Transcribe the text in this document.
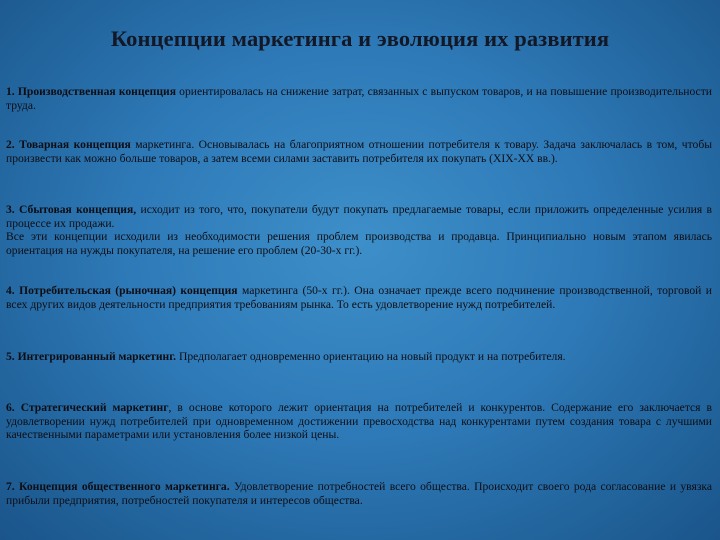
Концепции маркетинга и эволюция их развития

1. Производственная концепция ориентировалась на снижение затрат, связанных с выпуском товаров, и на повышение производительности труда.

2. Товарная концепция маркетинга. Основывалась на благоприятном отношении потребителя к товару. Задача заключалась в том, чтобы произвести как можно больше товаров, а затем всеми силами заставить потребителя их покупать (XIX-XX вв.).

3. Сбытовая концепция, исходит из того, что, покупатели будут покупать предлагаемые товары, если приложить определенные усилия в процессе их продажи.
Все эти концепции исходили из необходимости решения проблем производства и продавца. Принципиально новым этапом явилась ориентация на нужды покупателя, на решение его проблем (20-30-х гг.).

4. Потребительская (рыночная) концепция маркетинга (50-х гг.). Она означает прежде всего подчинение производственной, торговой и всех других видов деятельности предприятия требованиям рынка. То есть удовлетворение нужд потребителей.

5. Интегрированный маркетинг. Предполагает одновременно ориентацию на новый продукт и на потребителя.

6. Стратегический маркетинг, в основе которого лежит ориентация на потребителей и конкурентов. Содержание его заключается в удовлетворении нужд потребителей при одновременном достижении превосходства над конкурентами путем создания товара с лучшими качественными параметрами или установления более низкой цены.

7. Концепция общественного маркетинга. Удовлетворение потребностей всего общества. Происходит своего рода согласование и увязка прибыли предприятия, потребностей покупателя и интересов общества.
